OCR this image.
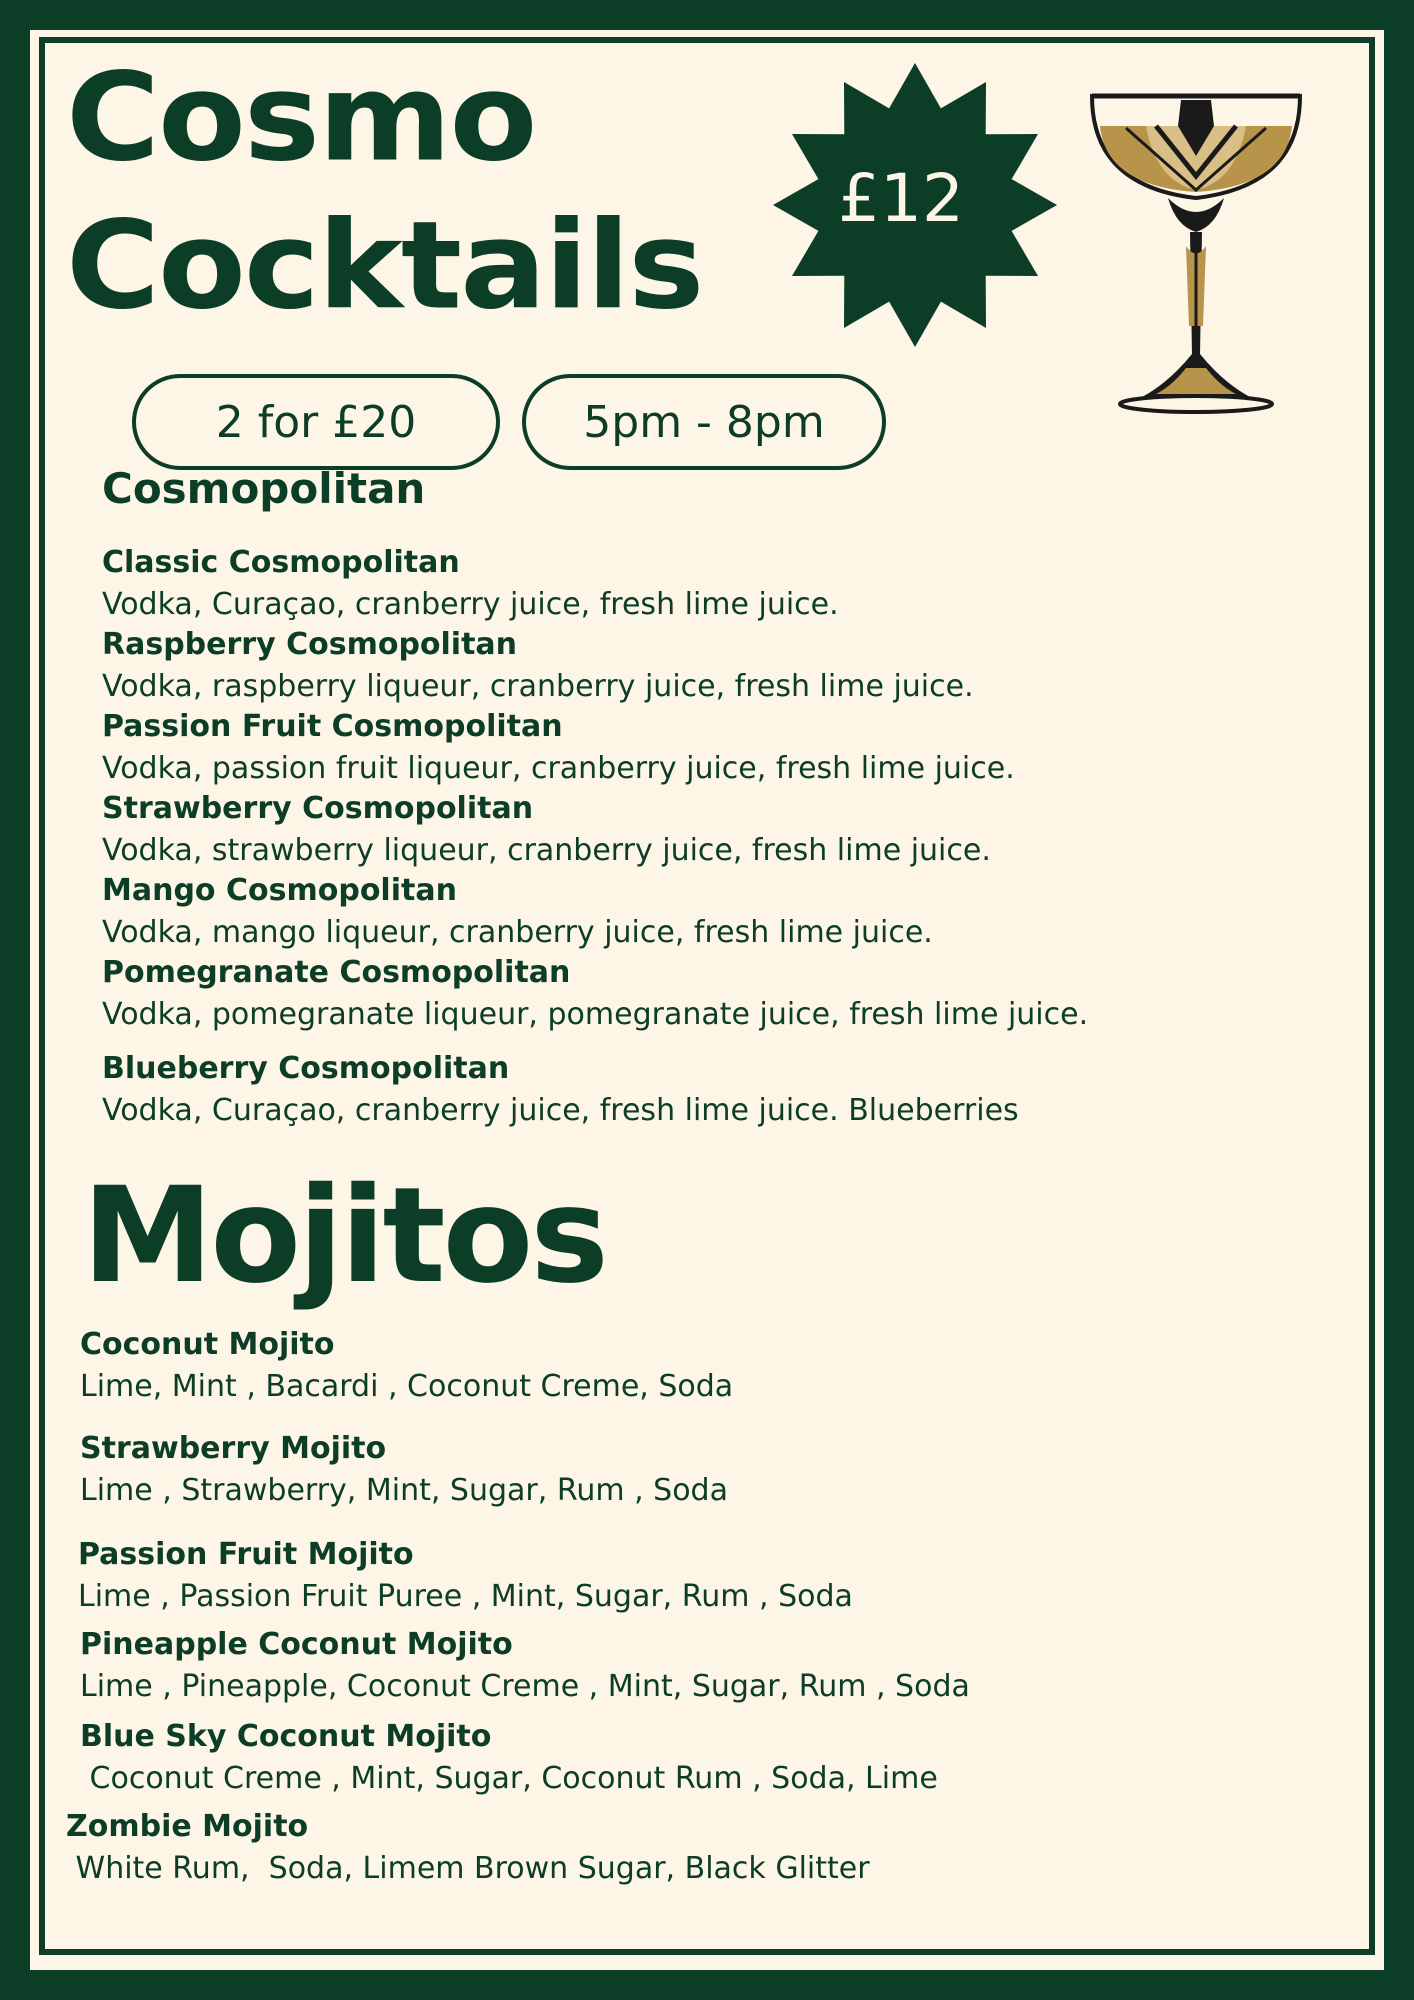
Cosmo
Cocktails £12
2 for £20	5pm - 8pm
Cosmopolitan
Classic Cosmopolitan
Vodka, Curaçao, cranberry juice, fresh lime juice.
Raspberry Cosmopolitan
Vodka, raspberry liqueur, cranberry juice, fresh lime juice.
Passion Fruit Cosmopolitan
Vodka, passion fruit liqueur, cranberry juice, fresh lime juice.
Strawberry Cosmopolitan
Vodka, strawberry liqueur, cranberry juice, fresh lime juice.
Mango Cosmopolitan
Vodka, mango liqueur, cranberry juice, fresh lime juice.
Pomegranate Cosmopolitan
Vodka, pomegranate liqueur, pomegranate juice, fresh lime juice.
Blueberry Cosmopolitan
Vodka, Curaçao, cranberry juice, fresh lime juice. Blueberries
Mojitos
Coconut Mojito
Lime, Mint , Bacardi , Coconut Creme, Soda
Strawberry Mojito
Lime , Strawberry, Mint, Sugar, Rum , Soda
Passion Fruit Mojito
Lime , Passion Fruit Puree , Mint, Sugar, Rum , Soda
Pineapple Coconut Mojito
Lime , Pineapple, Coconut Creme , Mint, Sugar, Rum , Soda
Blue Sky Coconut Mojito
Coconut Creme , Mint, Sugar, Coconut Rum , Soda, Lime
Zombie Mojito
White Rum,  Soda, Limem Brown Sugar, Black Glitter
